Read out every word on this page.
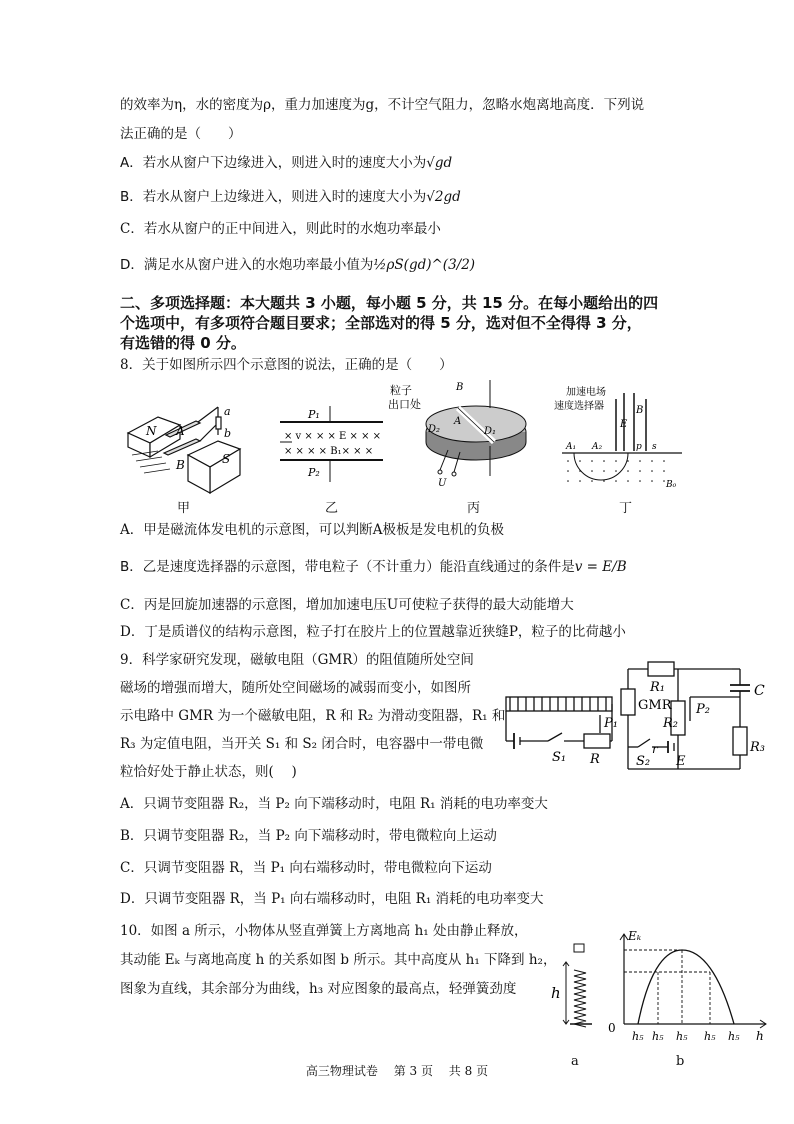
的效率为η，水的密度为ρ，重力加速度为g，不计空气阻力，忽略水炮离地高度．下列说
法正确的是（　　）
A．若水从窗户下边缘进入，则进入时的速度大小为√gd
B．若水从窗户上边缘进入，则进入时的速度大小为√2gd
C．若水从窗户的正中间进入，则此时的水炮功率最小
D．满足水从窗户进入的水炮功率最小值为½ρS(gd)^(3/2)
二、多项选择题：本大题共 3 小题，每小题 5 分，共 15 分。在每小题给出的四
个选项中，有多项符合题目要求；全部选对的得 5 分，选对但不全得得 3 分，
有选错的得 0 分。
8．关于如图所示四个示意图的说法，正确的是（　　）
N A
B	S
a
b
甲
P₁
P₂
× v × × × E × × ×
× × × × B₁× × ×
乙
粒子
出口处
B
A
D₂	D₁
U
丙
加速电场
速度选择器
E
B
A₁ A₂	p s
B₀
丁
A．甲是磁流体发电机的示意图，可以判断A极板是发电机的负极
B．乙是速度选择器的示意图，带电粒子（不计重力）能沿直线通过的条件是v = E/B
C．丙是回旋加速器的示意图，增加加速电压U可使粒子获得的最大动能增大
D．丁是质谱仪的结构示意图，粒子打在胶片上的位置越靠近狭缝P，粒子的比荷越小
9．科学家研究发现，磁敏电阻（GMR）的阻值随所处空间
磁场的增强而增大，随所处空间磁场的减弱而变小，如图所
示电路中 GMR 为一个磁敏电阻，R 和 R₂ 为滑动变阻器，R₁ 和
R₃ 为定值电阻，当开关 S₁ 和 S₂ 闭合时，电容器中一带电微
粒恰好处于静止状态，则(　 )
R₁
GMR
R₂
P₂
C
R₃
P₁
S₁ R	S₂
r
E
A．只调节变阻器 R₂，当 P₂ 向下端移动时，电阻 R₁ 消耗的电功率变大
B．只调节变阻器 R₂，当 P₂ 向下端移动时，带电微粒向上运动
C．只调节变阻器 R，当 P₁ 向右端移动时，带电微粒向下运动
D．只调节变阻器 R，当 P₁ 向右端移动时，电阻 R₁ 消耗的电功率变大
10．如图 a 所示，小物体从竖直弹簧上方离地高 h₁ 处由静止释放，
其动能 Eₖ 与离地高度 h 的关系如图 b 所示。其中高度从 h₁ 下降到 h₂，
图象为直线，其余部分为曲线，h₃ 对应图象的最高点，轻弹簧劲度 h
a
Eₖ
0
h₅ h₅ h₅ h₅ h₅ h
b
高三物理试卷　 第 3 页　 共 8 页
